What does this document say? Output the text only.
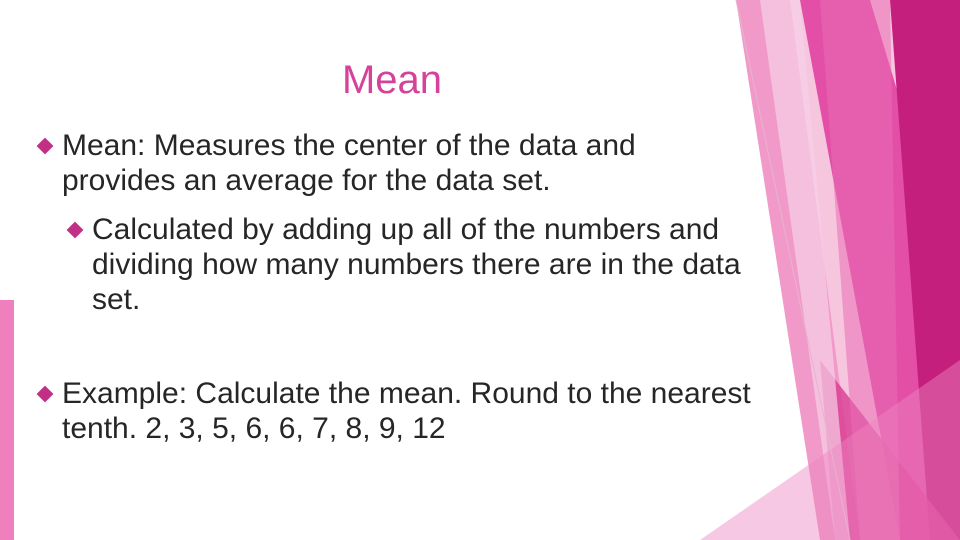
Mean
Mean: Measures the center of the data and provides an average for the data set.
Calculated by adding up all of the numbers and dividing how many numbers there are in the data set.
Example: Calculate the mean. Round to the nearest tenth. 2, 3, 5, 6, 6, 7, 8, 9, 12
